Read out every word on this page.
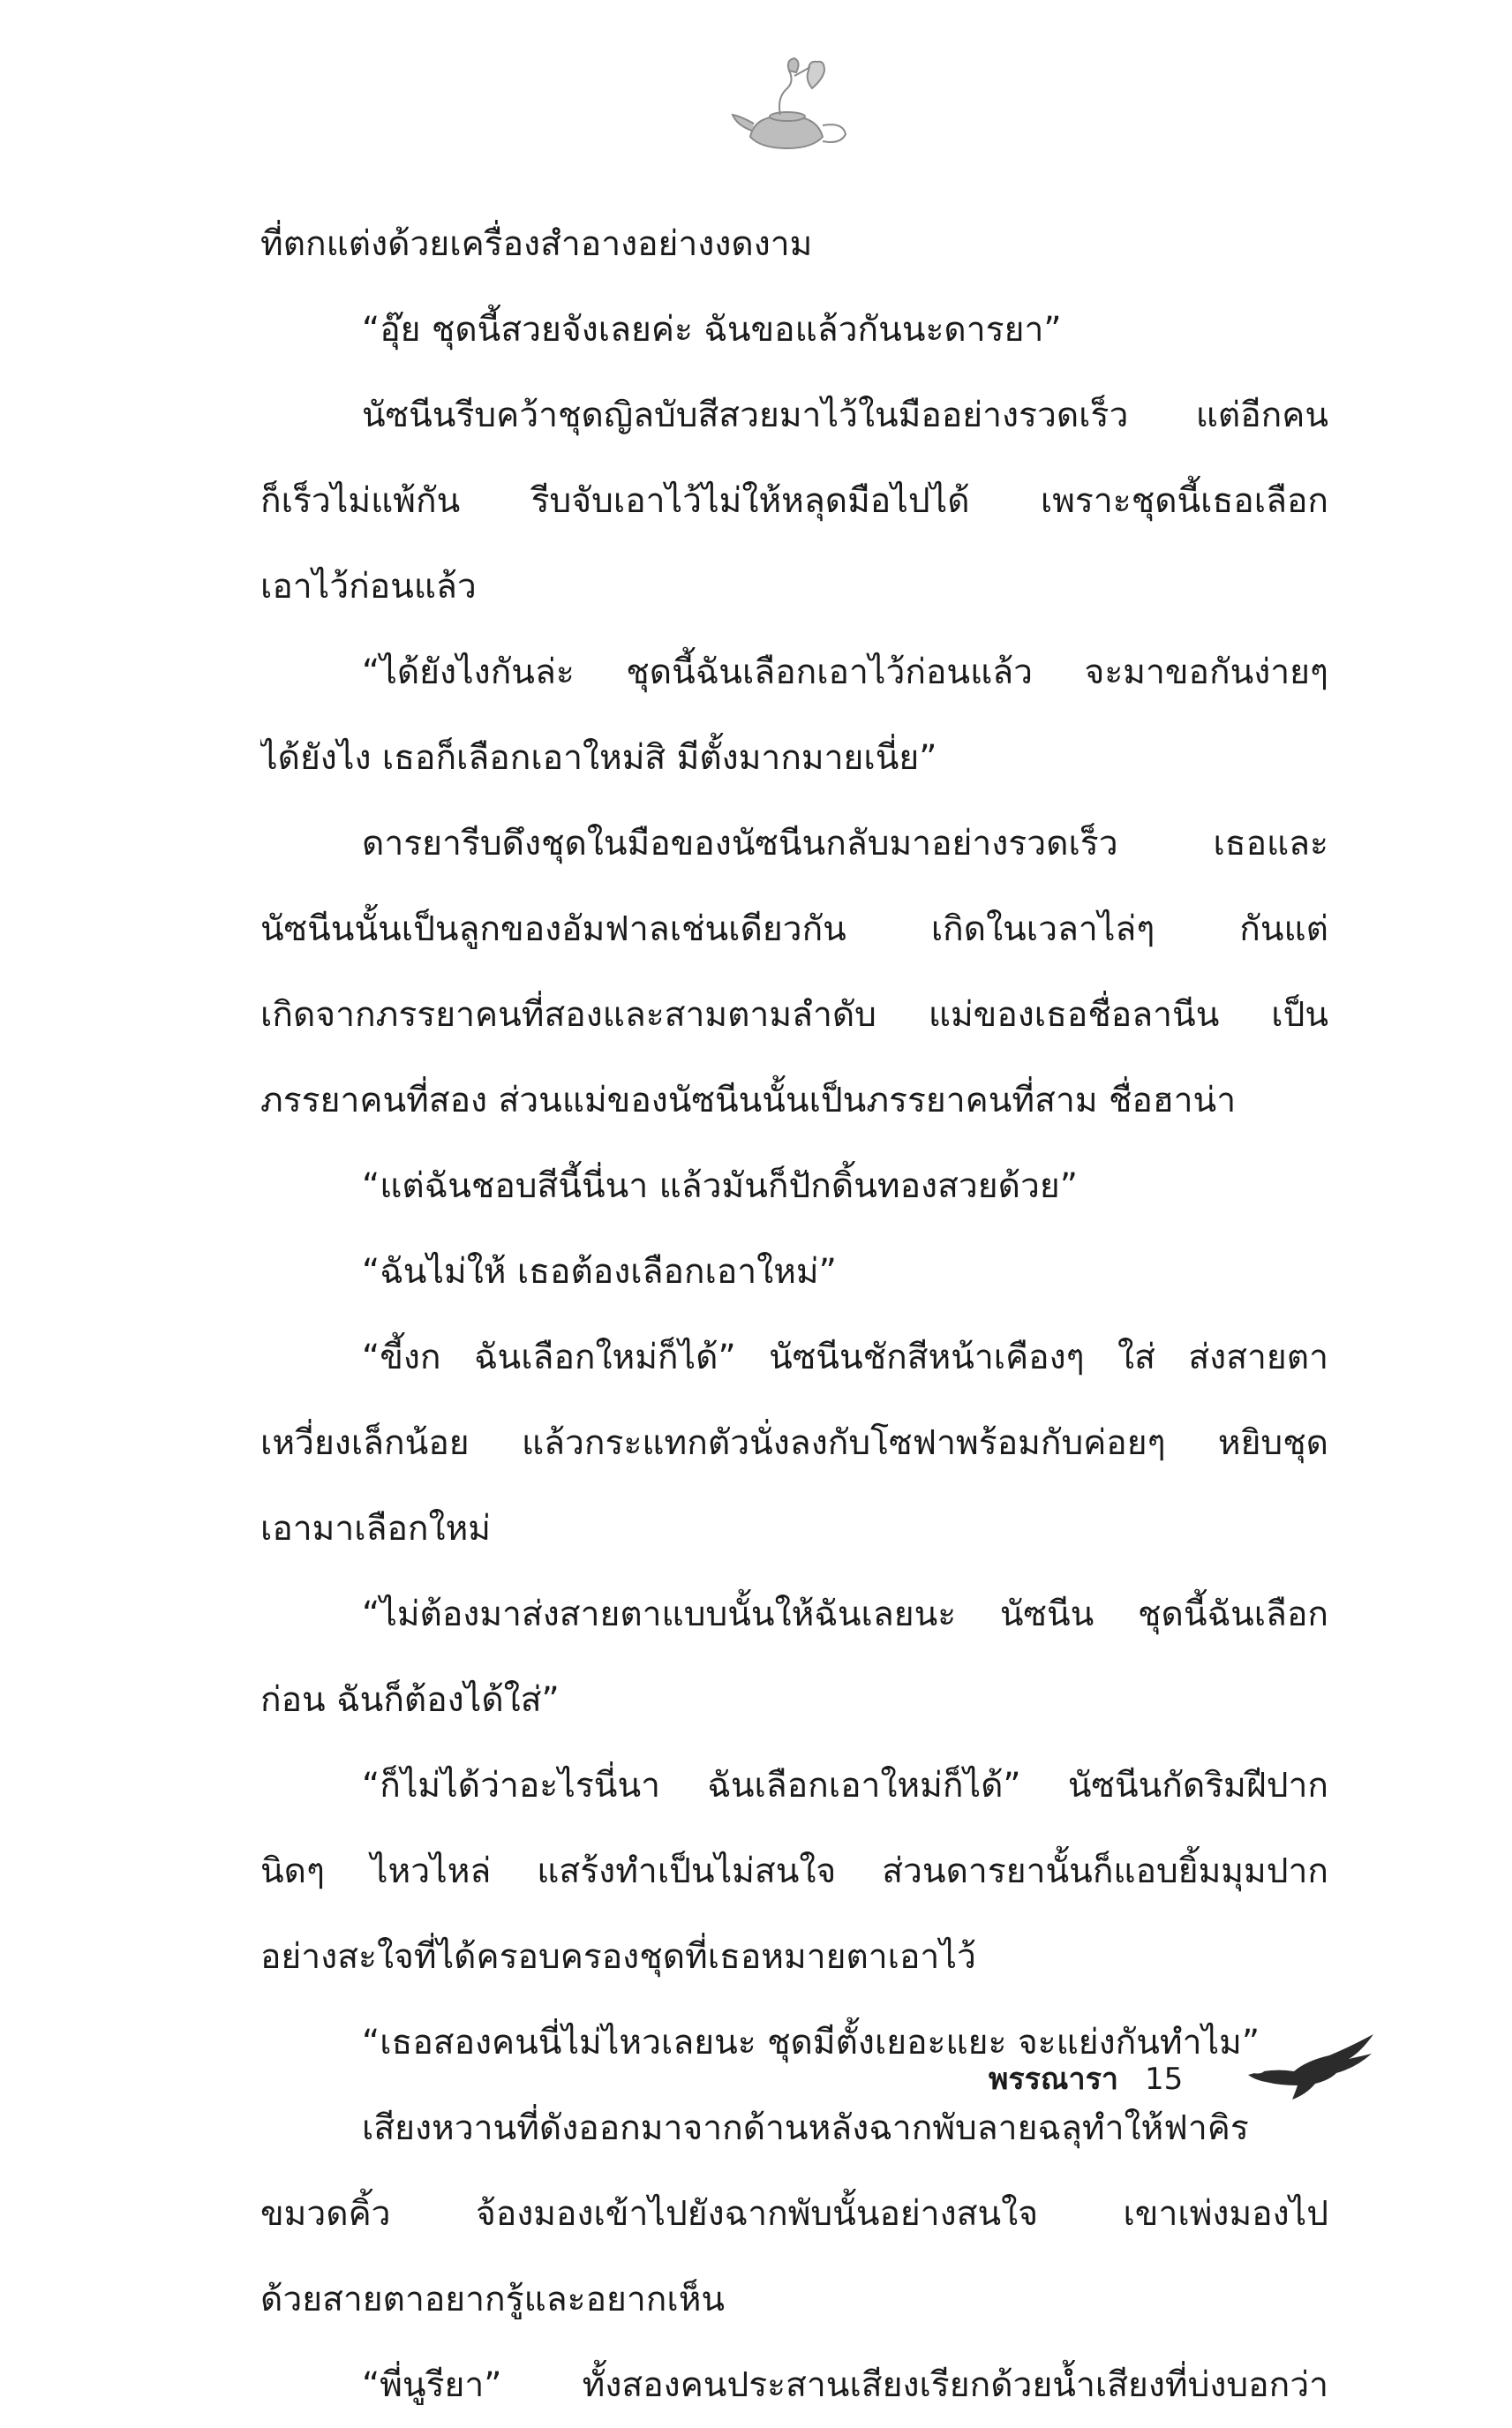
ที่ตกแต่งด้วยเครื่องสำอางอย่างงดงาม
“อุ๊ย ชุดนี้สวยจังเลยค่ะ ฉันขอแล้วกันนะดารยา”
นัซนีนรีบคว้าชุดญิลบับสีสวยมาไว้ในมืออย่างรวดเร็ว แต่อีกคน
ก็เร็วไม่แพ้กัน รีบจับเอาไว้ไม่ให้หลุดมือไปได้ เพราะชุดนี้เธอเลือก
เอาไว้ก่อนแล้ว
“ได้ยังไงกันล่ะ ชุดนี้ฉันเลือกเอาไว้ก่อนแล้ว จะมาขอกันง่ายๆ
ได้ยังไง เธอก็เลือกเอาใหม่สิ มีตั้งมากมายเนี่ย”
ดารยารีบดึงชุดในมือของนัซนีนกลับมาอย่างรวดเร็ว เธอและ
นัซนีนนั้นเป็นลูกของอัมฟาลเช่นเดียวกัน เกิดในเวลาไล่ๆ กันแต่
เกิดจากภรรยาคนที่สองและสามตามลำดับ แม่ของเธอชื่อลานีน เป็น
ภรรยาคนที่สอง ส่วนแม่ของนัซนีนนั้นเป็นภรรยาคนที่สาม ชื่อฮาน่า
“แต่ฉันชอบสีนี้นี่นา แล้วมันก็ปักดิ้นทองสวยด้วย”
“ฉันไม่ให้ เธอต้องเลือกเอาใหม่”
“ขี้งก ฉันเลือกใหม่ก็ได้” นัซนีนชักสีหน้าเคืองๆ ใส่ ส่งสายตา
เหวี่ยงเล็กน้อย แล้วกระแทกตัวนั่งลงกับโซฟาพร้อมกับค่อยๆ หยิบชุด
เอามาเลือกใหม่
“ไม่ต้องมาส่งสายตาแบบนั้นให้ฉันเลยนะ นัซนีน ชุดนี้ฉันเลือก
ก่อน ฉันก็ต้องได้ใส่”
“ก็ไม่ได้ว่าอะไรนี่นา ฉันเลือกเอาใหม่ก็ได้” นัซนีนกัดริมฝีปาก
นิดๆ ไหวไหล่ แสร้งทำเป็นไม่สนใจ ส่วนดารยานั้นก็แอบยิ้มมุมปาก
อย่างสะใจที่ได้ครอบครองชุดที่เธอหมายตาเอาไว้
“เธอสองคนนี่ไม่ไหวเลยนะ ชุดมีตั้งเยอะแยะ จะแย่งกันทำไม”
เสียงหวานที่ดังออกมาจากด้านหลังฉากพับลายฉลุทำให้ฟาคิร
ขมวดคิ้ว จ้องมองเข้าไปยังฉากพับนั้นอย่างสนใจ เขาเพ่งมองไป
ด้วยสายตาอยากรู้และอยากเห็น
“พี่นูรียา” ทั้งสองคนประสานเสียงเรียกด้วยน้ำเสียงที่บ่งบอกว่า
พรรณารา 15
